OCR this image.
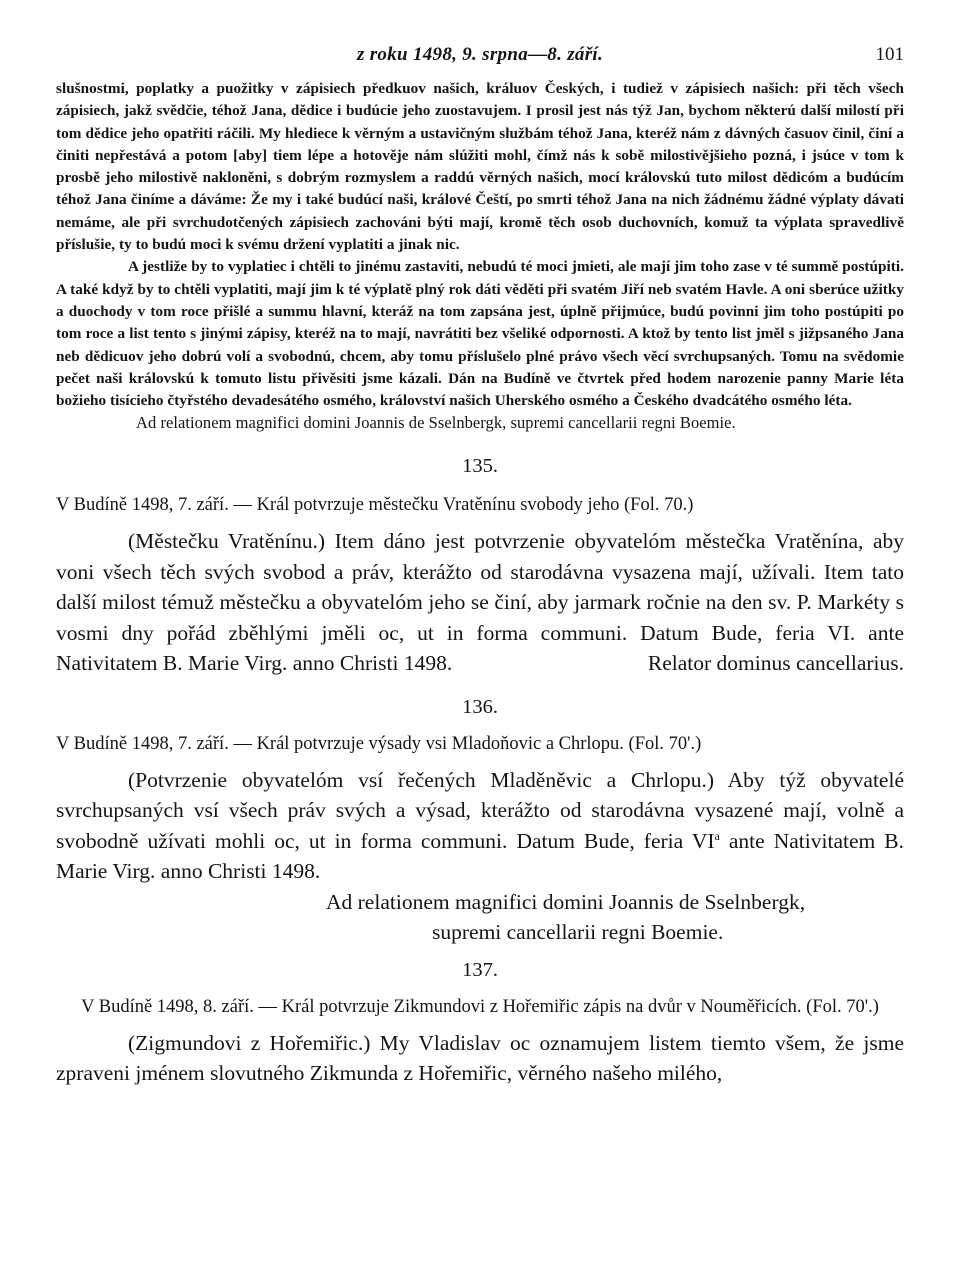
z roku 1498, 9. srpna—8. září.	101

slušnostmi, poplatky a puožitky v zápisiech předkuov našich, králuov Českých, i tudiež v zápisiech našich: při těch všech zápisiech, jakž svědčie, téhož Jana, dědice i budúcie jeho zuostavujem. I prosil jest nás týž Jan, bychom některú další milostí při tom dědice jeho opatřiti ráčili. My hlediece k věrným a ustavičným službám téhož Jana, kteréž nám z dávných časuov činil, činí a činiti nepřestává a potom [aby] tiem lépe a hotověje nám slúžiti mohl, čímž nás k sobě milostivějšieho pozná, i jsúce v tom k prosbě jeho milostivě nakloněni, s dobrým rozmyslem a raddú věrných našich, mocí královskú tuto milost dědicóm a budúcím téhož Jana činíme a dáváme: Že my i také budúcí naši, králové Čeští, po smrti téhož Jana na nich žádnému žádné výplaty dávati nemáme, ale při svrchudotčených zápisiech zachováni býti mají, kromě těch osob duchovních, komuž ta výplata spravedlivě příslušie, ty to budú moci k svému držení vyplatiti a jinak nic.

A jestliže by to vyplatiec i chtěli to jinému zastaviti, nebudú té moci jmieti, ale mají jim toho zase v té summě postúpiti. A také když by to chtěli vyplatiti, mají jim k té výplatě plný rok dáti věděti při svatém Jiří neb svatém Havle. A oni sberúce užitky a duochody v tom roce přišlé a summu hlavní, kteráž na tom zapsána jest, úplně přijmúce, budú povinni jim toho postúpiti po tom roce a list tento s jinými zápisy, kteréž na to mají, navrátiti bez všeliké odpornosti. A ktož by tento list jměl s jižpsaného Jana neb dědicuov jeho dobrú volí a svobodnú, chcem, aby tomu příslušelo plné právo všech věcí svrchupsaných. Tomu na svědomie pečet naši královskú k tomuto listu přivěsiti jsme kázali. Dán na Budíně ve čtvrtek před hodem narozenie panny Marie léta božieho tisícieho čtyřstého devadesátého osmého, království našich Uherského osmého a Českého dvadcátého osmého léta.

Ad relationem magnifici domini Joannis de Sselnbergk, supremi cancellarii regni Boemie.

135.

V Budíně 1498, 7. září. — Král potvrzuje městečku Vratěnínu svobody jeho (Fol. 70.)

(Městečku Vratěnínu.) Item dáno jest potvrzenie obyvatelóm městečka Vratěnína, aby voni všech těch svých svobod a práv, kterážto od starodávna vysazena mají, užívali. Item tato další milost témuž městečku a obyvatelóm jeho se činí, aby jarmark ročnie na den sv. P. Markéty s vosmi dny pořád zběhlými jměli oc, ut in forma communi. Datum Bude, feria VI. ante Nativitatem B. Marie Virg. anno Christi 1498.	Relator dominus cancellarius.

136.

V Budíně 1498, 7. září. — Král potvrzuje výsady vsi Mladoňovic a Chrlopu. (Fol. 70'.)

(Potvrzenie obyvatelóm vsí řečených Mladěněvic a Chrlopu.) Aby týž obyvatelé svrchupsaných vsí všech práv svých a výsad, kterážto od starodávna vysazené mají, volně a svobodně užívati mohli oc, ut in forma communi. Datum Bude, feria $VI^a$ ante Nativitatem B. Marie Virg. anno Christi 1498.

Ad relationem magnifici domini Joannis de Sselnbergk,
supremi cancellarii regni Boemie.

137.

V Budíně 1498, 8. září. — Král potvrzuje Zikmundovi z Hořemiřic zápis na dvůr v Nouměřicích. (Fol. 70'.)

(Zigmundovi z Hořemiřic.) My Vladislav oc oznamujem listem tiemto všem, že jsme zpraveni jménem slovutného Zikmunda z Hořemiřic, věrného našeho milého,
